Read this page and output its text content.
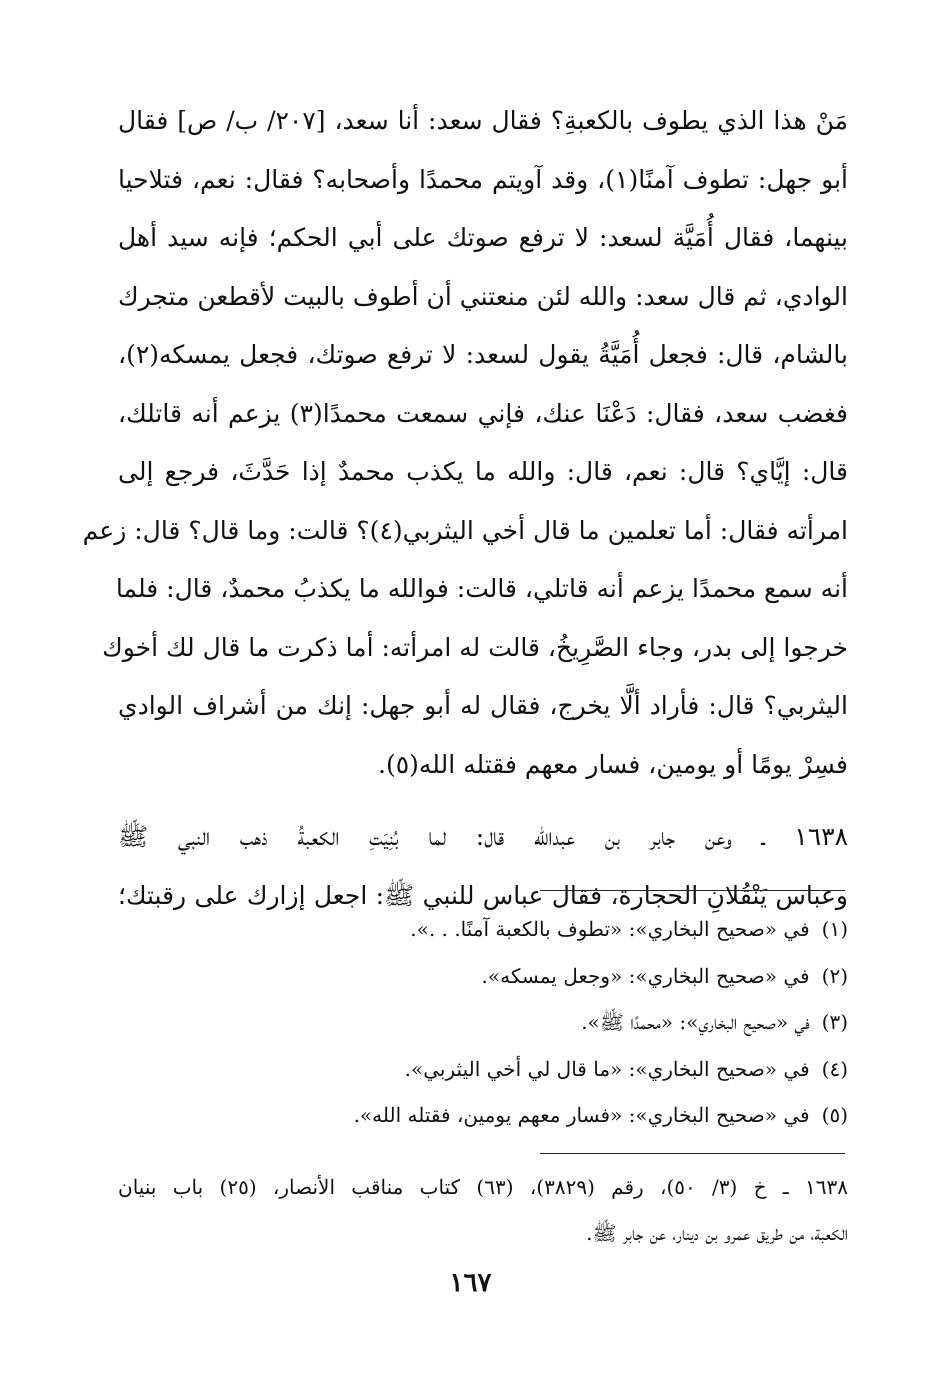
مَنْ هذا الذي يطوف بالكعبةِ؟ فقال سعد: أنا سعد، [٢٠٧/ ب/ ص] فقال
أبو جهل: تطوف آمنًا(١)، وقد آويتم محمدًا وأصحابه؟ فقال: نعم، فتلاحيا
بينهما، فقال أُمَيَّة لسعد: لا ترفع صوتك على أبي الحكم؛ فإنه سيد أهل
الوادي، ثم قال سعد: والله لئن منعتني أن أطوف بالبيت لأقطعن متجرك
بالشام، قال: فجعل أُمَيَّةُ يقول لسعد: لا ترفع صوتك، فجعل يمسكه(٢)،
فغضب سعد، فقال: دَعْنَا عنك، فإني سمعت محمدًا(٣) يزعم أنه قاتلك،
قال: إيَّاي؟ قال: نعم، قال: والله ما يكذب محمدٌ إذا حَدَّثَ، فرجع إلى
امرأته فقال: أما تعلمين ما قال أخي اليثربي(٤)؟ قالت: وما قال؟ قال: زعم
أنه سمع محمدًا يزعم أنه قاتلي، قالت: فوالله ما يكذبُ محمدٌ، قال: فلما
خرجوا إلى بدر، وجاء الصَّرِيخُ، قالت له امرأته: أما ذكرت ما قال لك أخوك
اليثربي؟ قال: فأراد ألَّا يخرج، فقال له أبو جهل: إنك من أشراف الوادي
فسِرْ يومًا أو يومين، فسار معهم فقتله الله(٥).
١٦٣٨ ـ وعن جابر بن عبدالله قال: لما بُنِيَتِ الكعبةُ ذهب النبي ﷺ
وعباس يَنْقُلانِ الحجارة، فقال عباس للنبي ﷺ: اجعل إزارك على رقبتك؛
(١)في «صحيح البخاري»: «تطوف بالكعبة آمنًا. . .».
(٢)في «صحيح البخاري»: «وجعل يمسكه».
(٣)في «صحيح البخاري»: «محمدًا ﷺ».
(٤)في «صحيح البخاري»: «ما قال لي أخي اليثربي».
(٥)في «صحيح البخاري»: «فسار معهم يومين، فقتله الله».
١٦٣٨ ـ خ (٣/ ٥٠)، رقم (٣٨٢٩)، (٦٣) كتاب مناقب الأنصار، (٢٥) باب بنيان
الكعبة، من طريق عمرو بن دينار، عن جابر ﷺ.
١٦٧
